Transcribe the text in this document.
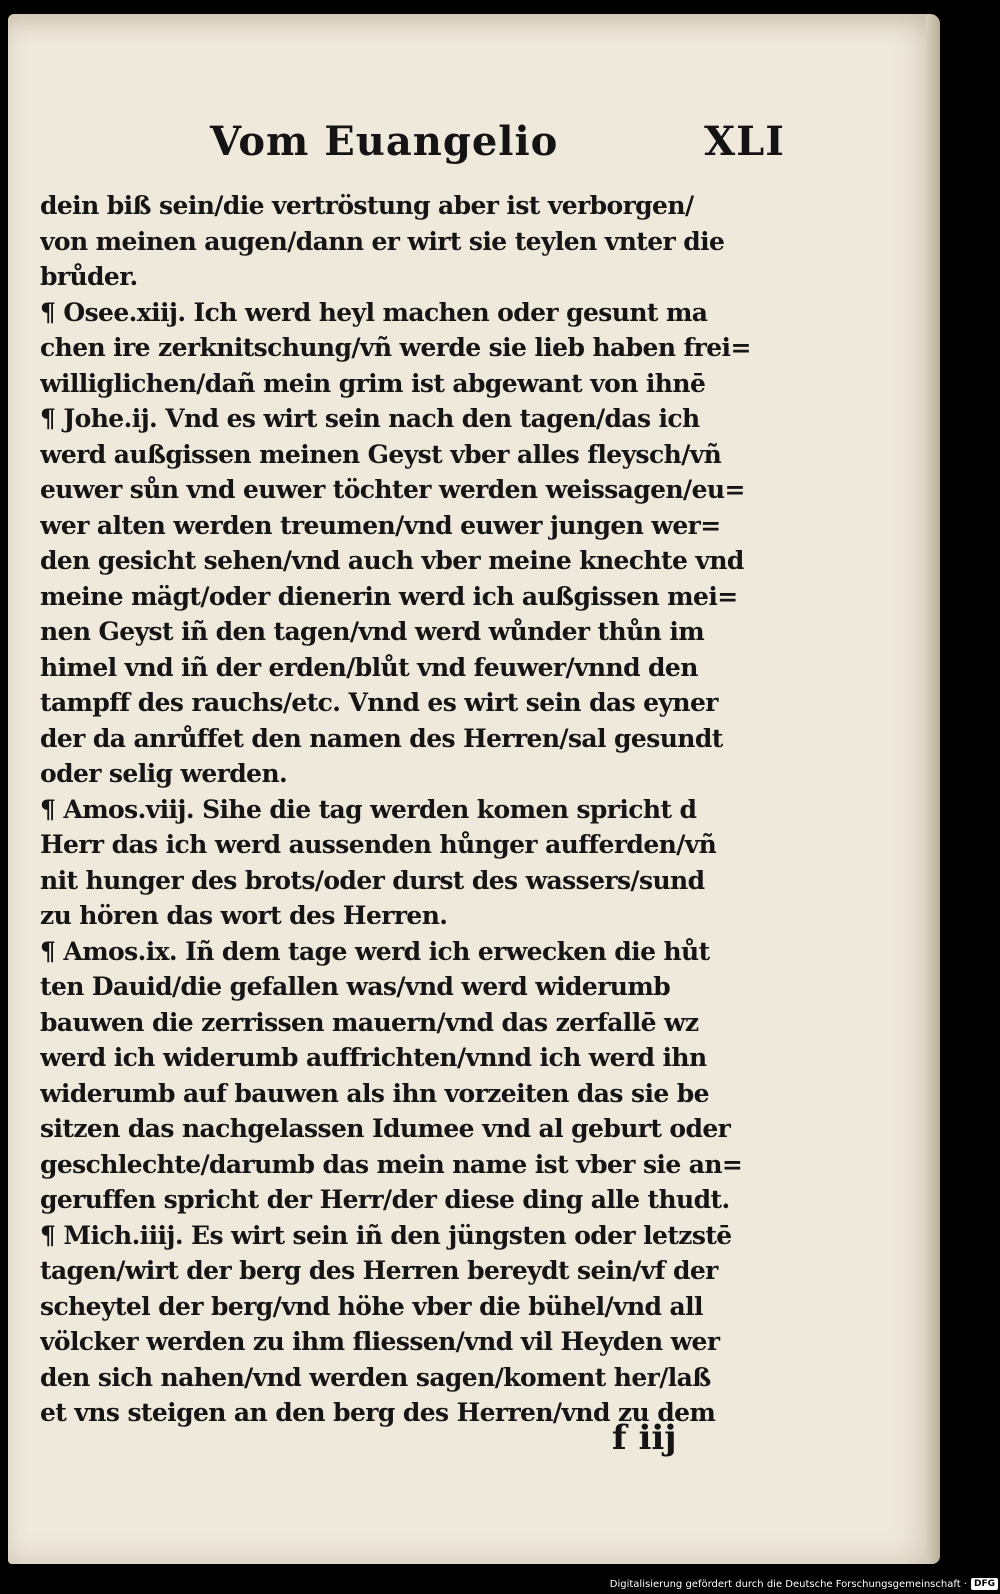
Vom Euangelio	XLI
dein biß sein/die vertröstung aber ist verborgen/
von meinen augen/dann er wirt sie teylen vnter die
brůder.
¶ Osee.xiij. Ich werd heyl machen oder gesunt ma
chen ire zerknitschung/vñ werde sie lieb haben frei=
williglichen/dañ mein grim ist abgewant von ihnē
¶ Johe.ij. Vnd es wirt sein nach den tagen/das ich
werd außgissen meinen Geyst vber alles fleysch/vñ
euwer sůn vnd euwer töchter werden weissagen/eu=
wer alten werden treumen/vnd euwer jungen wer=
den gesicht sehen/vnd auch vber meine knechte vnd
meine mägt/oder dienerin werd ich außgissen mei=
nen Geyst iñ den tagen/vnd werd wůnder thůn im
himel vnd iñ der erden/blůt vnd feuwer/vnnd den
tampff des rauchs/etc. Vnnd es wirt sein das eyner
der da anrůffet den namen des Herren/sal gesundt
oder selig werden.
¶ Amos.viij. Sihe die tag werden komen spricht d
Herr das ich werd aussenden hůnger aufferden/vñ
nit hunger des brots/oder durst des wassers/sund
zu hören das wort des Herren.
¶ Amos.ix. Iñ dem tage werd ich erwecken die hůt
ten Dauid/die gefallen was/vnd werd widerumb
bauwen die zerrissen mauern/vnd das zerfallē wz
werd ich widerumb auffrichten/vnnd ich werd ihn
widerumb auf bauwen als ihn vorzeiten das sie be
sitzen das nachgelassen Idumee vnd al geburt oder
geschlechte/darumb das mein name ist vber sie an=
geruffen spricht der Herr/der diese ding alle thudt.
¶ Mich.iiij. Es wirt sein iñ den jüngsten oder letzstē
tagen/wirt der berg des Herren bereydt sein/vf der
scheytel der berg/vnd höhe vber die bühel/vnd all
völcker werden zu ihm fliessen/vnd vil Heyden wer
den sich nahen/vnd werden sagen/koment her/laß
et vns steigen an den berg des Herren/vnd zu dem
f iij
Digitalisierung gefördert durch die Deutsche Forschungsgemeinschaft · DFG
